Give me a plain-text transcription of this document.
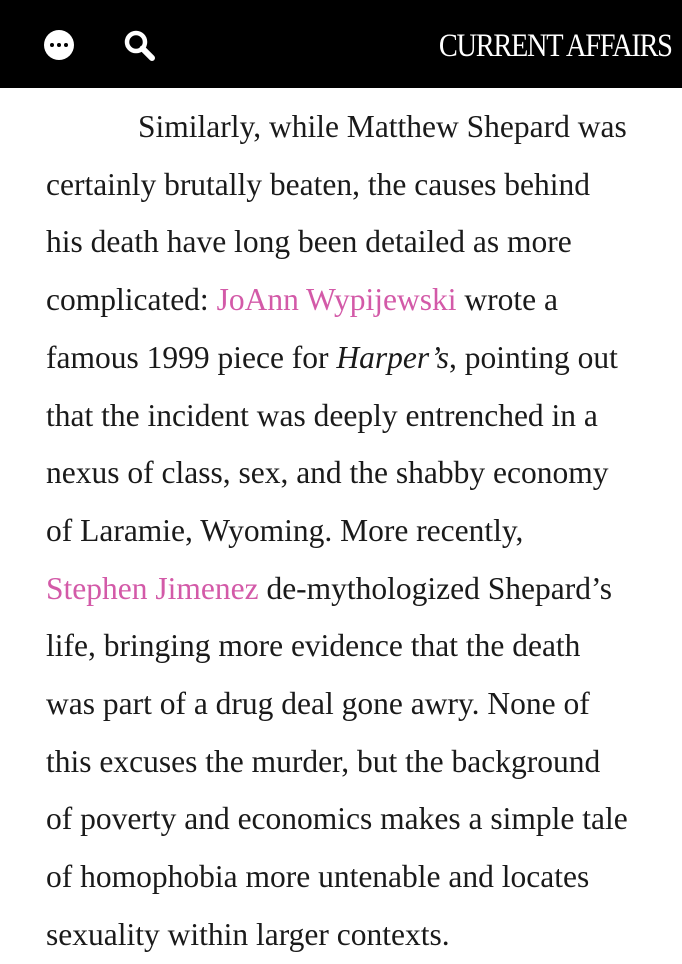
CURRENT AFFAIRS

Similarly, while Matthew Shepard was
certainly brutally beaten, the causes behind
his death have long been detailed as more
complicated: JoAnn Wypijewski wrote a
famous 1999 piece for Harper’s, pointing out
that the incident was deeply entrenched in a
nexus of class, sex, and the shabby economy
of Laramie, Wyoming. More recently,
Stephen Jimenez de-mythologized Shepard’s
life, bringing more evidence that the death
was part of a drug deal gone awry. None of
this excuses the murder, but the background
of poverty and economics makes a simple tale
of homophobia more untenable and locates
sexuality within larger contexts.
